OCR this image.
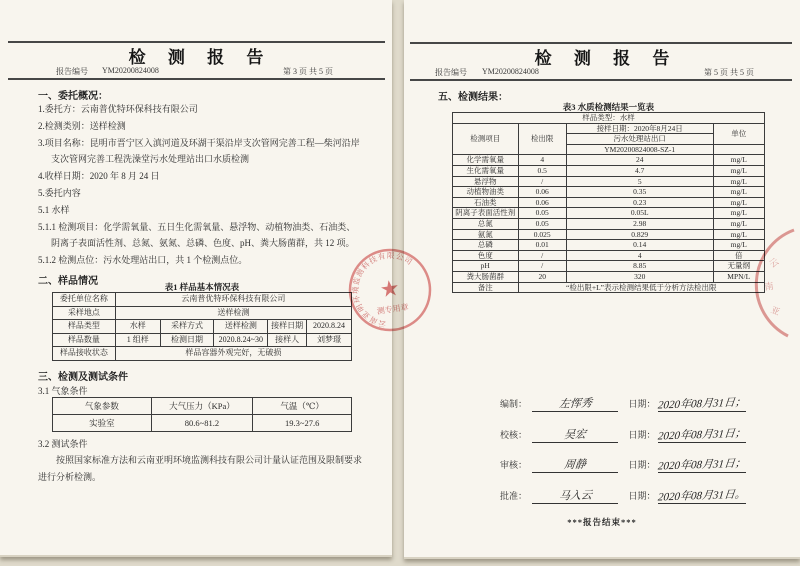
检 测 报 告
报告编号 YM20200824008	第 3 页 共 5 页
一、委托概况：
1.委托方：云南普优特环保科技有限公司
2.检测类别：送样检测
3.项目名称：昆明市晋宁区入滇河道及环湖干渠沿岸支次管网完善工程—柴河沿岸支次管网完善工程洗澡堂污水处理站出口水质检测
4.收样日期：2020 年 8 月 24 日
5.委托内容
5.1 水样
5.1.1 检测项目：化学需氧量、五日生化需氧量、悬浮物、动植物油类、石油类、阴离子表面活性剂、总氮、氨氮、总磷、色度、pH、粪大肠菌群，共 12 项。
5.1.2 检测点位：污水处理站出口，共 1 个检测点位。
二、样品情况	表1 样品基本情况表
委托单位名称	云南普优特环保科技有限公司				
采样地点	送样检测				
样品类型	水样	采样方式	送样检测	接样日期	2020.8.24
样品数量	1 组样	检测日期	2020.8.24~30	接样人	刘梦璟
样品接收状态	样品容器外观完好，无破损				
三、检测及测试条件
3.1 气象条件
气象参数	大气压力（KPa）	气温（℃）
实验室	80.6~81.2	19.3~27.6
3.2 测试条件
按照国家标准方法和云南亚明环境监测科技有限公司计量认证范围及限制要求进行分析检测。
检 测 报 告
报告编号 YM20200824008	第 5 页 共 5 页
五、检测结果：
表3 水质检测结果一览表
样品类型：水样			
检测项目	检出限	接样日期：2020年8月24日	单位
		污水处理站出口	
		YM20200824008-SZ-1	
化学需氧量	4	24	mg/L
生化需氧量	0.5	4.7	mg/L
悬浮物	/	5	mg/L
动植物油类	0.06	0.35	mg/L
石油类	0.06	0.23	mg/L
阴离子表面活性剂	0.05	0.05L	mg/L
总氮	0.05	2.98	mg/L
氨氮	0.025	0.829	mg/L
总磷	0.01	0.14	mg/L
色度	/	4	倍
pH	/	8.85	无量纲
粪大肠菌群	20	320	MPN/L
备注	“检出限+L”表示检测结果低于分析方法检出限		
编制：	左恽秀	日期： 2020年08月31日；
校核：	吴宏	日期： 2020年08月31日；
审核：	周静	日期： 2020年08月31日；
批准：	马入云	日期： 2020年08月31日。
***报告结束***
★
云南亚明环境监测科技有限公司
测专用章
云
南
亚
